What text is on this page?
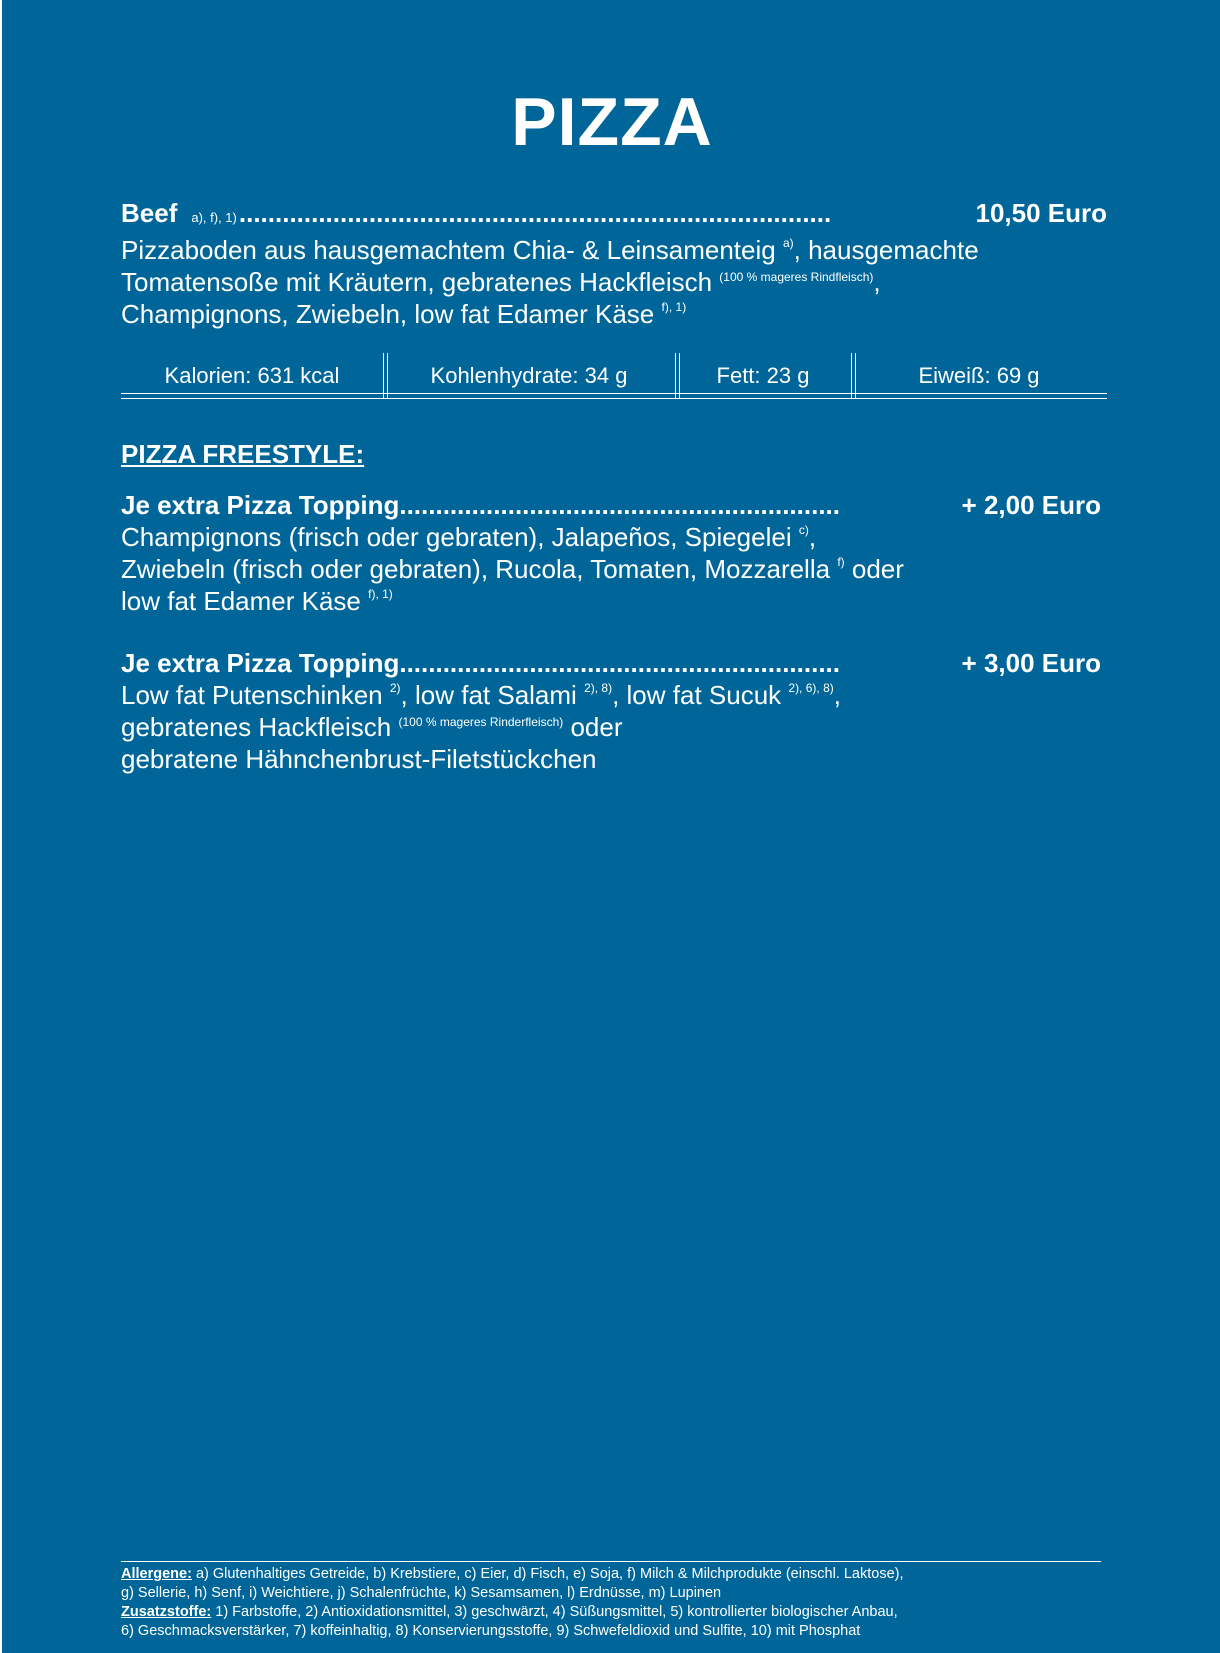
PIZZA
Beef a), f), 1) ..................................................................................	10,50 Euro
Pizzaboden aus hausgemachtem Chia- & Leinsamenteig $^{a)}$, hausgemachte
Tomatensoße mit Kräutern, gebratenes Hackfleisch $^{(100 \% mageres Rindfleisch)}$,
Champignons, Zwiebeln, low fat Edamer Käse $^{f), 1)}$
Kalorien: 631 kcal	Kohlenhydrate: 34 g	Fett: 23 g	Eiweiß: 69 g
PIZZA FREESTYLE:
Je extra Pizza Topping .............................................................	+ 2,00 Euro
Champignons (frisch oder gebraten), Jalapeños, Spiegelei $^{c)}$,
Zwiebeln (frisch oder gebraten), Rucola, Tomaten, Mozzarella $^{f)}$ oder
low fat Edamer Käse $^{f), 1)}$
Je extra Pizza Topping .............................................................	+ 3,00 Euro
Low fat Putenschinken $^{2)}$, low fat Salami $^{2), 8)}$, low fat Sucuk $^{2), 6), 8)}$,
gebratenes Hackfleisch $^{(100 \% mageres Rinderfleisch)}$ oder
gebratene Hähnchenbrust-Filetstückchen
Allergene: a) Glutenhaltiges Getreide, b) Krebstiere, c) Eier, d) Fisch, e) Soja, f) Milch & Milchprodukte (einschl. Laktose),
g) Sellerie, h) Senf, i) Weichtiere, j) Schalenfrüchte, k) Sesamsamen, l) Erdnüsse, m) Lupinen
Zusatzstoffe: 1) Farbstoffe, 2) Antioxidationsmittel, 3) geschwärzt, 4) Süßungsmittel, 5) kontrollierter biologischer Anbau,
6) Geschmacksverstärker, 7) koffeinhaltig, 8) Konservierungsstoffe, 9) Schwefeldioxid und Sulfite, 10) mit Phosphat
